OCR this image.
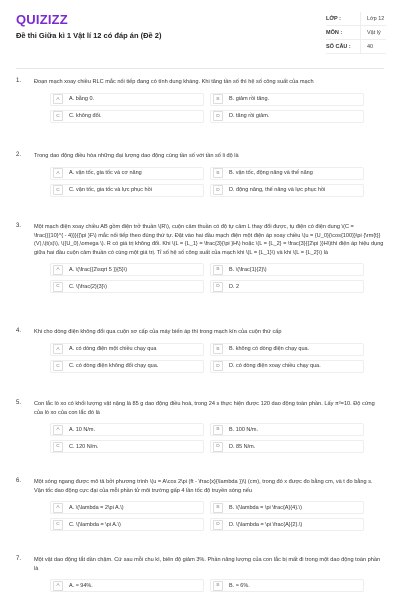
QUIZIZZ
Đề thi Giữa kì 1 Vật lí 12 có đáp án (Đề 2)
LỚP :	Lớp 12
MÔN :	Vật lý
SỐ CÂU :	40
1. Đoạn mạch xoay chiều RLC mắc nối tiếp đang có tính dung kháng. Khi tăng tần số thì hệ số công suất của mạch
A	A. bằng 0.	B	B. giảm rồi tăng.
C	C. không đổi.	D	D. tăng rồi giảm.
2. Trong dao động điều hòa những đại lượng dao động cùng tần số với tần số li độ là
A	A. vận tốc, gia tốc và cơ năng	B	B. vận tốc, động năng và thế năng
C	C. vận tốc, gia tốc và lực phục hồi	D	D. động năng, thế năng và lực phục hồi
3. Một mạch điện xoay chiều AB gồm điện trở thuần \(R\), cuộn cảm thuần có độ tự cảm L thay đổi được, tụ điện có điện dung \(C = \frac{{{10}^{ - 4}}}{{\pi }F\) mắc nối tiếp theo đúng thứ tự. Đặt vào hai đầu mạch điện một điện áp xoay chiều \(u = {U_0}{\cos{100}}\pi {\rm{t}}(V),\(t(s)\), \({U_0},\omega \). R có giá trị không đổi. Khi \(L = {L_1} = \frac{3}{\pi }H\) hoặc \(L = {L_2} = \frac{3}{{2\pi }}H\)thì điện áp hiệu dụng giữa hai đầu cuộn cảm thuần có cùng một giá trị. Tỉ số hệ số công suất của mạch khi \(L = {L_1}\) và khi \(L = {L_2}\) là
A	A. \(\frac{{2\sqrt 5 }}{5}\)	B	B. \(\frac{1}{2}\)
C	C. \(\frac{2}{3}\)	D	D. 2
4. Khi cho dòng điện không đổi qua cuộn sơ cấp của máy biến áp thì trong mạch kín của cuộn thứ cấp
A	A. có dòng điện một chiều chạy qua	B	B. không có dòng điện chạy qua.
C	C. có dòng điện không đổi chạy qua.	D	D. có dòng điện xoay chiều chạy qua.
5. Con lắc lò xo có khối lượng vật nặng là 85 g dao động điều hoà, trong 24 s thực hiện được 120 dao động toàn phần. Lấy π²=10. Độ cứng của lò xo của con lắc đó là
A	A. 10 N/m.	B	B. 100 N/m.
C	C. 120 N/m.	D	D. 85 N/m.
6. Một sóng ngang được mô tả bởi phương trình \(u = A\cos 2\pi (ft - \frac{x}{\lambda })\) (cm), trong đó x được đo bằng cm, và t đo bằng s. Vận tốc dao động cực đại của mỗi phần tử môi trường gấp 4 lần tốc độ truyền sóng nếu
A	A. \(\lambda = 2\pi A.\)	B	B. \(\lambda = \pi \frac{A}{4}.\)
C	C. \(\lambda = \pi A.\)	D	D. \(\lambda = \pi \frac{A}{2}.\)
7. Một vật dao động tắt dần chậm. Cứ sau mỗi chu kì, biên độ giảm 3%. Phần năng lượng của con lắc bị mất đi trong một dao động toàn phần là
A	A. ≈ 94%.	B	B. ≈ 6%.
